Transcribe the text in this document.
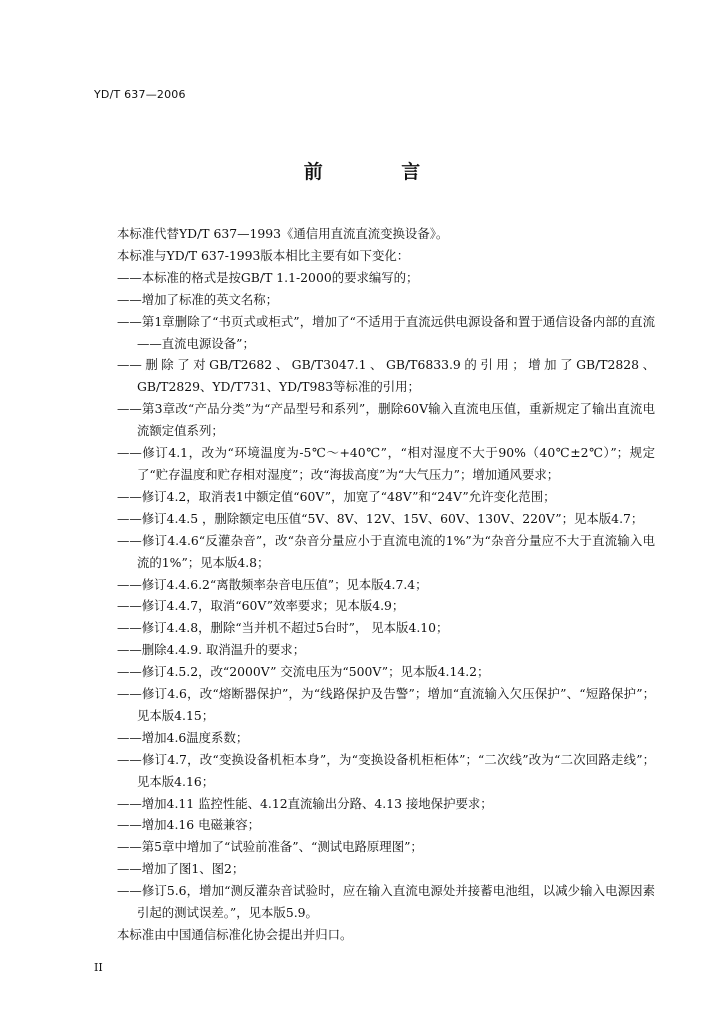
YD/T 637—2006
前 言

本标准代替YD/T 637—1993《通信用直流直流变换设备》。

本标准与YD/T 637-1993版本相比主要有如下变化：

——本标准的格式是按GB/T 1.1-2000的要求编写的；

——增加了标准的英文名称；

——第1章删除了“书页式或柜式”，增加了“不适用于直流远供电源设备和置于通信设备内部的直流——直流电源设备”；

——删除了对GB/T2682、GB/T3047.1、GB/T6833.9的引用；增加了GB/T2828、GB/T2829、YD/T731、YD/T983等标准的引用；

——第3章改“产品分类”为“产品型号和系列”，删除60V输入直流电压值，重新规定了输出直流电流额定值系列；

——修订4.1，改为“环境温度为-5℃～+40℃”，“相对湿度不大于90%（40℃±2℃）”；规定了“贮存温度和贮存相对湿度”；改“海拔高度”为“大气压力”；增加通风要求；

——修订4.2，取消表1中额定值“60V”，加宽了“48V”和“24V”允许变化范围；

——修订4.4.5 ，删除额定电压值“5V、8V、12V、15V、60V、130V、220V”；见本版4.7；

——修订4.4.6“反灌杂音”，改“杂音分量应小于直流电流的1%”为“杂音分量应不大于直流输入电流的1%”；见本版4.8；

——修订4.4.6.2“离散频率杂音电压值”；见本版4.7.4；

——修订4.4.7，取消“60V”效率要求；见本版4.9；

——修订4.4.8，删除“当并机不超过5台时”， 见本版4.10；

——删除4.4.9. 取消温升的要求；

——修订4.5.2，改“2000V” 交流电压为“500V”；见本版4.14.2；

——修订4.6，改“熔断器保护”，为“线路保护及告警”；增加“直流输入欠压保护”、“短路保护”；见本版4.15；

——增加4.6温度系数；

——修订4.7，改“变换设备机柜本身”，为“变换设备机柜柜体”；“二次线”改为“二次回路走线”；见本版4.16；

——增加4.11 监控性能、4.12直流输出分路、4.13 接地保护要求；

——增加4.16 电磁兼容；

——第5章中增加了“试验前准备”、“测试电路原理图”；

——增加了图1、图2；

——修订5.6，增加“测反灌杂音试验时，应在输入直流电源处并接蓄电池组，以减少输入电源因素引起的测试误差。”，见本版5.9。

本标准由中国通信标准化协会提出并归口。

II
